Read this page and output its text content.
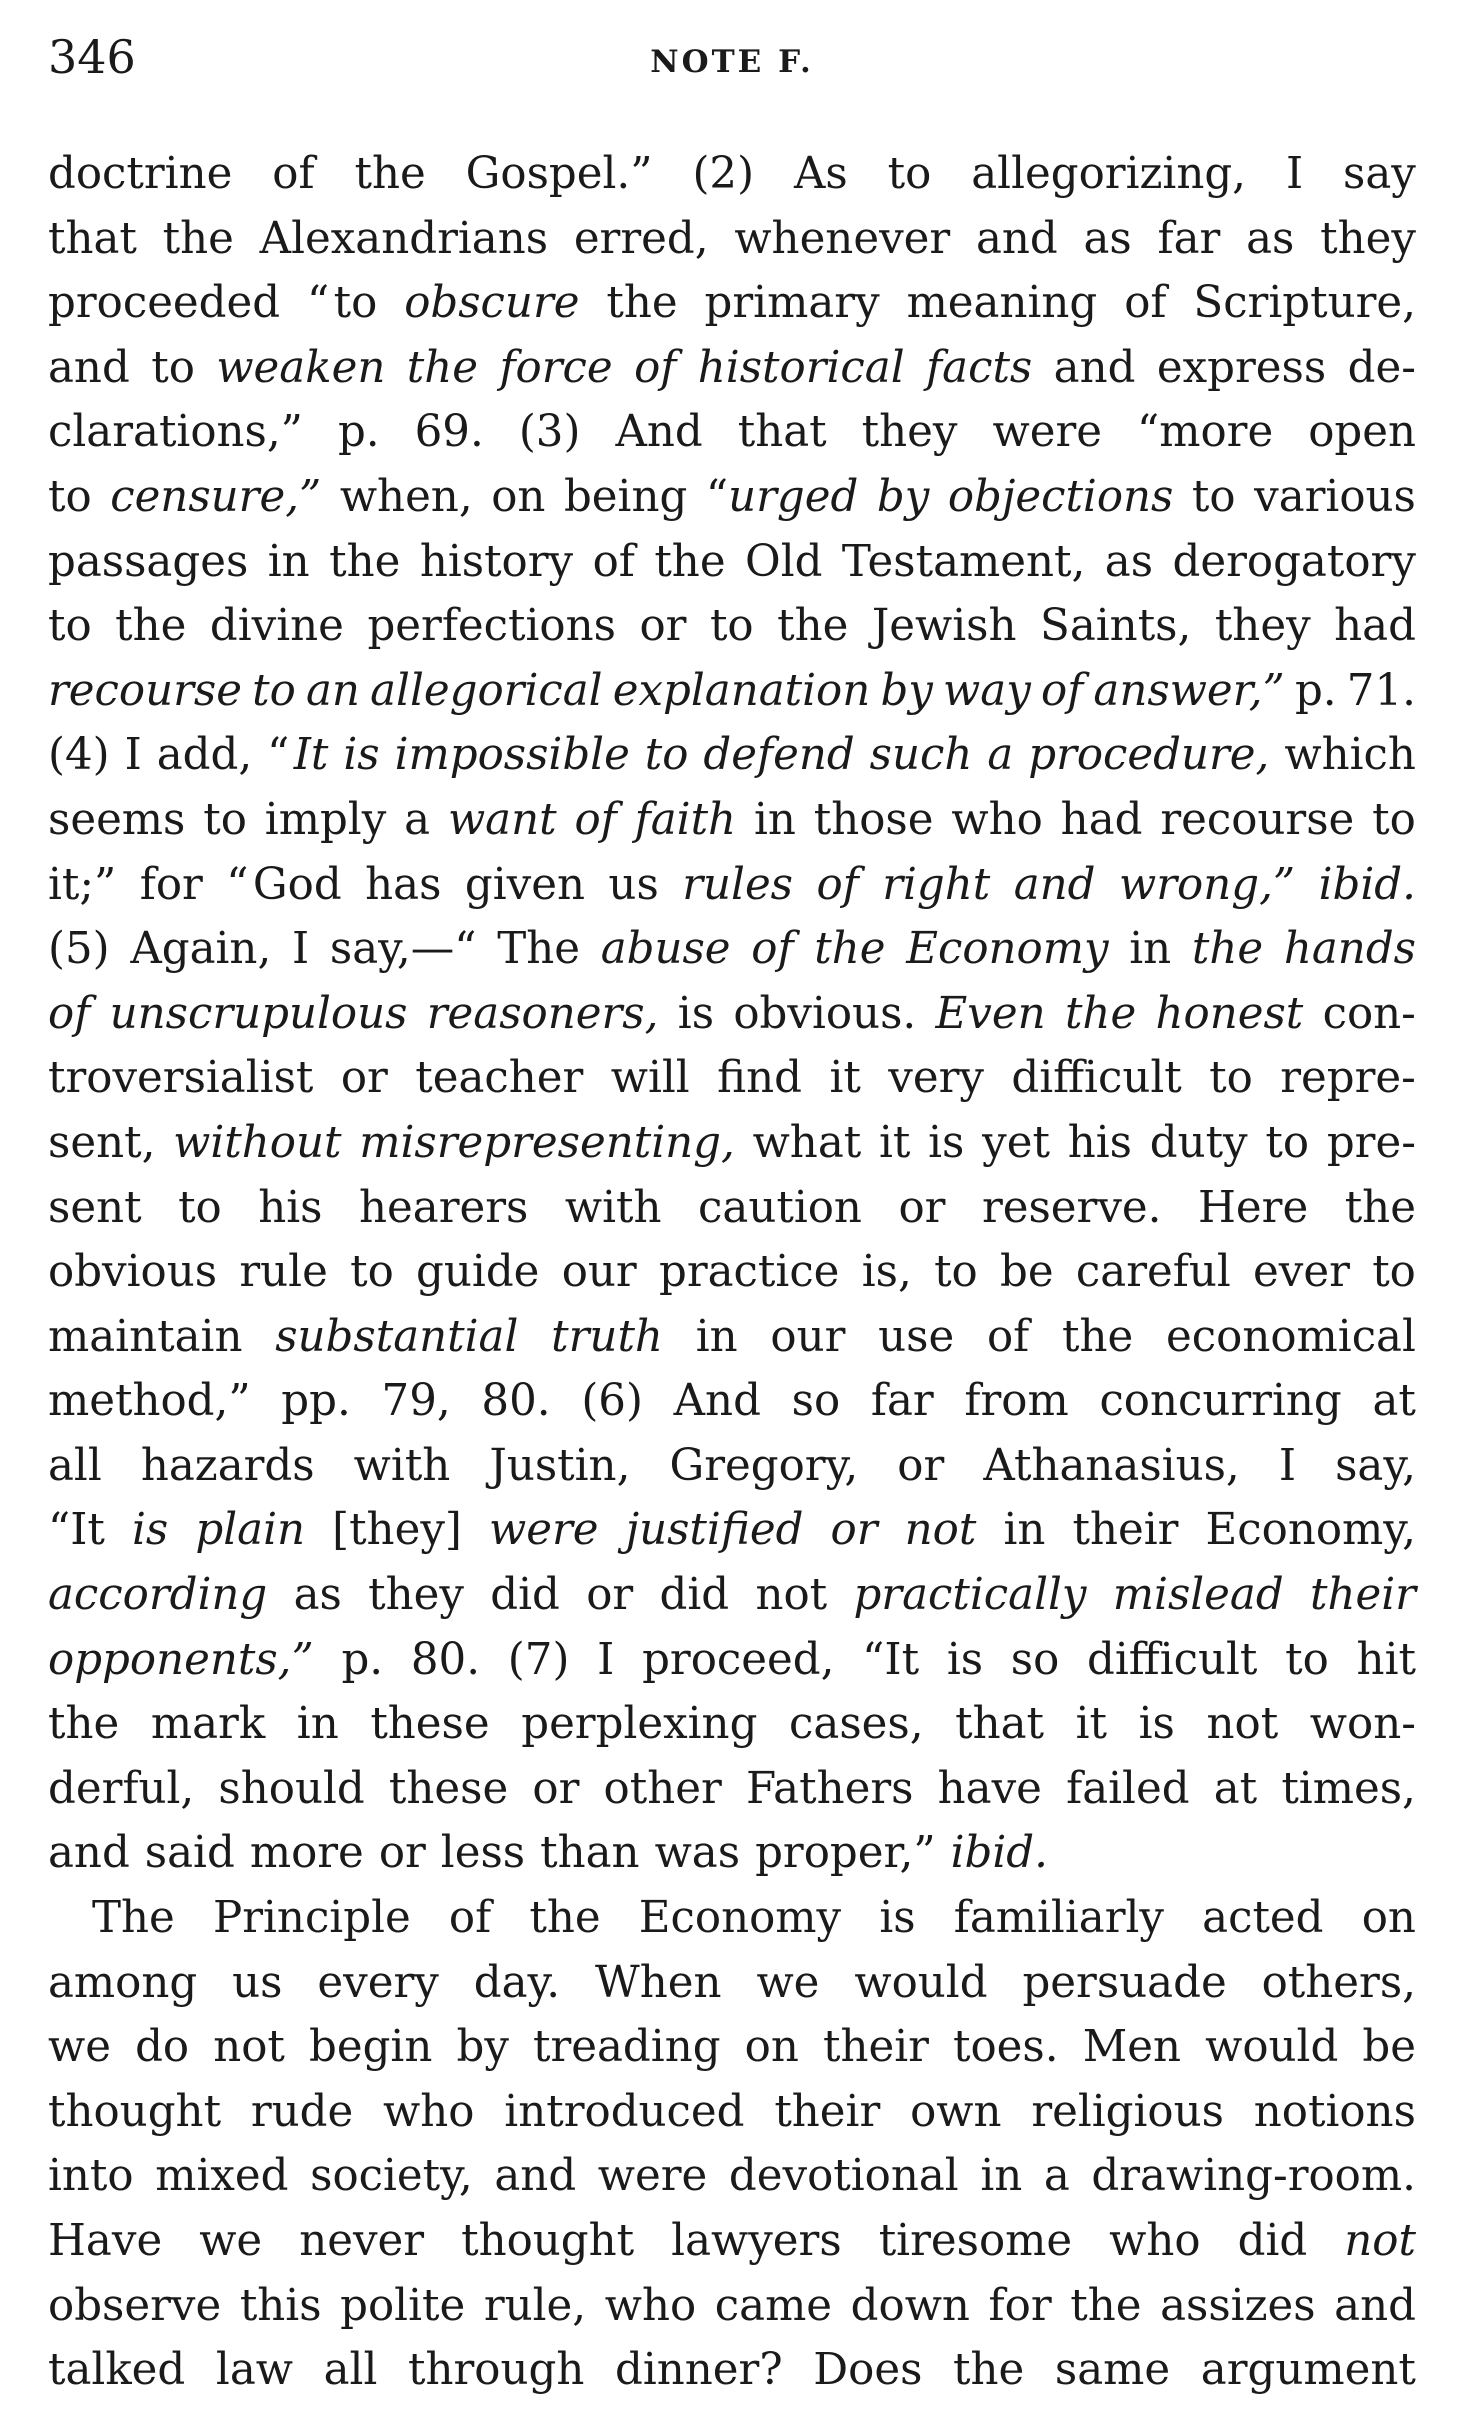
346	NOTE F.
doctrine of the Gospel.” (2) As to allegorizing, I say
that the Alexandrians erred, whenever and as far as they
proceeded “ to obscure the primary meaning of Scripture,
and to weaken the force of historical facts and express de-
clarations,” p. 69. (3) And that they were “more open
to censure,” when, on being “urged by objections to various
passages in the history of the Old Testament, as derogatory
to the divine perfections or to the Jewish Saints, they had
recourse to an allegorical explanation by way of answer,” p. 71.
(4) I add, “ It is impossible to defend such a procedure, which
seems to imply a want of faith in those who had recourse to
it;” for “ God has given us rules of right and wrong,” ibid.
(5) Again, I say,—“ The abuse of the Economy in the hands
of unscrupulous reasoners, is obvious. Even the honest con-
troversialist or teacher will find it very difficult to repre-
sent, without misrepresenting, what it is yet his duty to pre-
sent to his hearers with caution or reserve. Here the
obvious rule to guide our practice is, to be careful ever to
maintain substantial truth in our use of the economical
method,” pp. 79, 80. (6) And so far from concurring at
all hazards with Justin, Gregory, or Athanasius, I say,
“It is plain [they] were justified or not in their Economy,
according as they did or did not practically mislead their
opponents,” p. 80. (7) I proceed, “It is so difficult to hit
the mark in these perplexing cases, that it is not won-
derful, should these or other Fathers have failed at times,
and said more or less than was proper,” ibid.
The Principle of the Economy is familiarly acted on
among us every day. When we would persuade others,
we do not begin by treading on their toes. Men would be
thought rude who introduced their own religious notions
into mixed society, and were devotional in a drawing-room.
Have we never thought lawyers tiresome who did not
observe this polite rule, who came down for the assizes and
talked law all through dinner? Does the same argument
